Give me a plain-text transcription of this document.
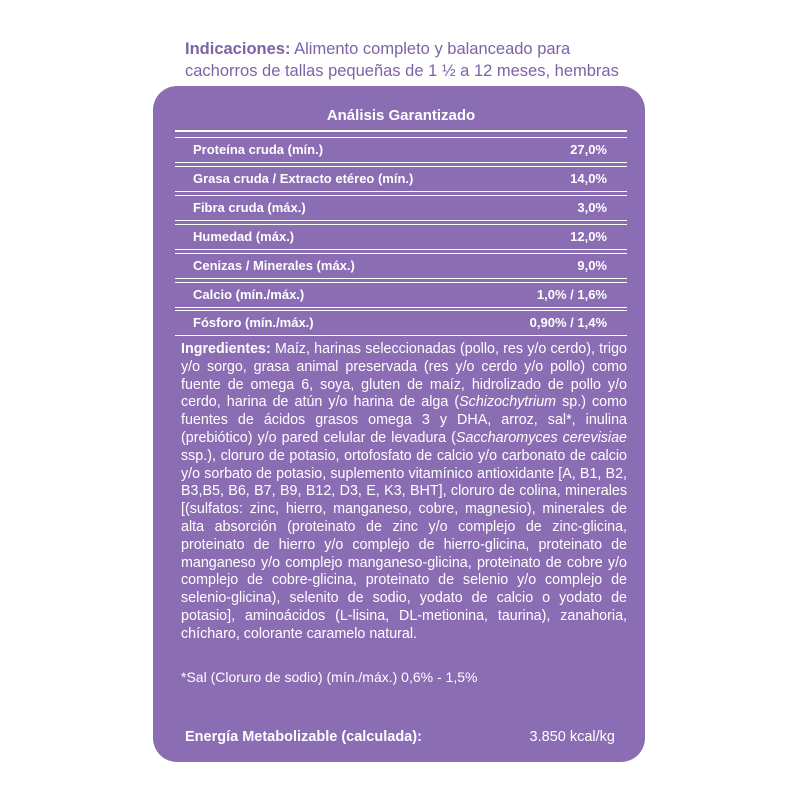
Indicaciones: Alimento completo y balanceado para cachorros de tallas pequeñas de 1 ½ a 12 meses, hembras
Análisis Garantizado
Proteína cruda (mín.)	27,0%
Grasa cruda / Extracto etéreo (mín.)	14,0%
Fibra cruda (máx.)	3,0%
Humedad (máx.)	12,0%
Cenizas / Minerales (máx.)	9,0%
Calcio (mín./máx.)	1,0% / 1,6%
Fósforo (mín./máx.)	0,90% / 1,4%
Ingredientes: Maíz, harinas seleccionadas (pollo, res y/o cerdo), trigo y/o sorgo, grasa animal preservada (res y/o cerdo y/o pollo) como fuente de omega 6, soya, gluten de maíz, hidrolizado de pollo y/o cerdo, harina de atún y/o harina de alga (Schizochytrium sp.) como fuentes de ácidos grasos omega 3 y DHA, arroz, sal*, inulina (prebiótico) y/o pared celular de levadura (Saccharomyces cerevisiae ssp.), cloruro de potasio, ortofosfato de calcio y/o carbonato de calcio y/o sorbato de potasio, suplemento vitamínico antioxidante [A, B1, B2, B3,B5, B6, B7, B9, B12, D3, E, K3, BHT], cloruro de colina, minerales [(sulfatos: zinc, hierro, manganeso, cobre, magnesio), minerales de alta absorción (proteinato de zinc y/o complejo de zinc-glicina, proteinato de hierro y/o complejo de hierro-glicina, proteinato de manganeso y/o complejo manganeso-glicina, proteinato de cobre y/o complejo de cobre-glicina, proteinato de selenio y/o complejo de selenio-glicina), selenito de sodio, yodato de calcio o yodato de potasio], aminoácidos (L-lisina, DL-metionina, taurina), zanahoria, chícharo, colorante caramelo natural.
*Sal (Cloruro de sodio) (mín./máx.) 0,6% - 1,5%
Energía Metabolizable (calculada):	3.850 kcal/kg
